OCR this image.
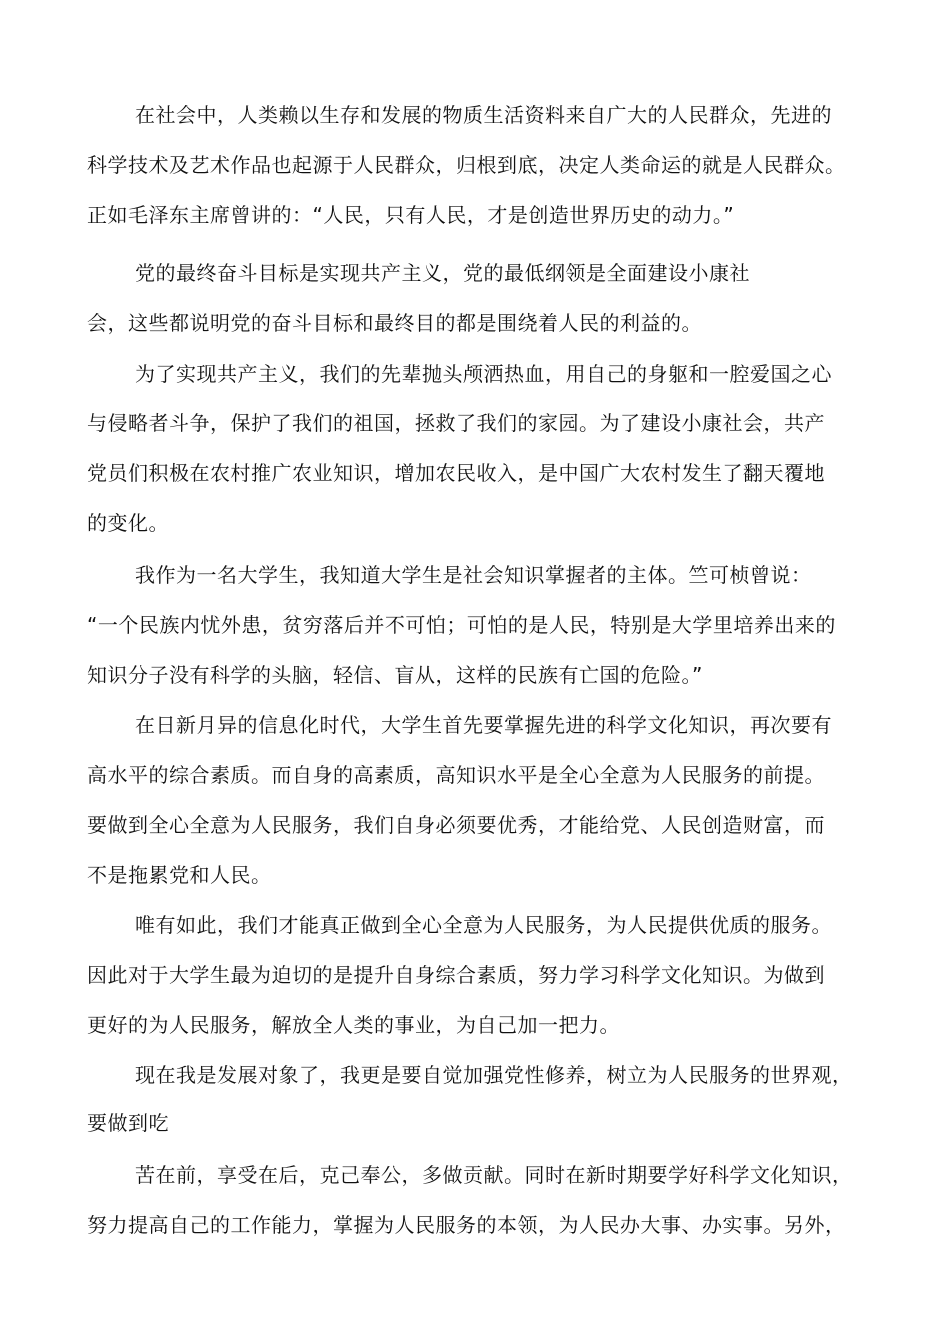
在社会中，人类赖以生存和发展的物质生活资料来自广大的人民群众，先进的
科学技术及艺术作品也起源于人民群众，归根到底，决定人类命运的就是人民群众。
正如毛泽东主席曾讲的：“人民，只有人民，才是创造世界历史的动力。”
党的最终奋斗目标是实现共产主义，党的最低纲领是全面建设小康社
会，这些都说明党的奋斗目标和最终目的都是围绕着人民的利益的。
为了实现共产主义，我们的先辈抛头颅洒热血，用自己的身躯和一腔爱国之心
与侵略者斗争，保护了我们的祖国，拯救了我们的家园。为了建设小康社会，共产
党员们积极在农村推广农业知识，增加农民收入，是中国广大农村发生了翻天覆地
的变化。
我作为一名大学生，我知道大学生是社会知识掌握者的主体。竺可桢曾说：
“一个民族内忧外患，贫穷落后并不可怕；可怕的是人民，特别是大学里培养出来的
知识分子没有科学的头脑，轻信、盲从，这样的民族有亡国的危险。”
在日新月异的信息化时代，大学生首先要掌握先进的科学文化知识，再次要有
高水平的综合素质。而自身的高素质，高知识水平是全心全意为人民服务的前提。
要做到全心全意为人民服务，我们自身必须要优秀，才能给党、人民创造财富，而
不是拖累党和人民。
唯有如此，我们才能真正做到全心全意为人民服务，为人民提供优质的服务。
因此对于大学生最为迫切的是提升自身综合素质，努力学习科学文化知识。为做到
更好的为人民服务，解放全人类的事业，为自己加一把力。
现在我是发展对象了，我更是要自觉加强党性修养，树立为人民服务的世界观，
要做到吃
苦在前，享受在后，克己奉公，多做贡献。同时在新时期要学好科学文化知识，
努力提高自己的工作能力，掌握为人民服务的本领，为人民办大事、办实事。另外，
